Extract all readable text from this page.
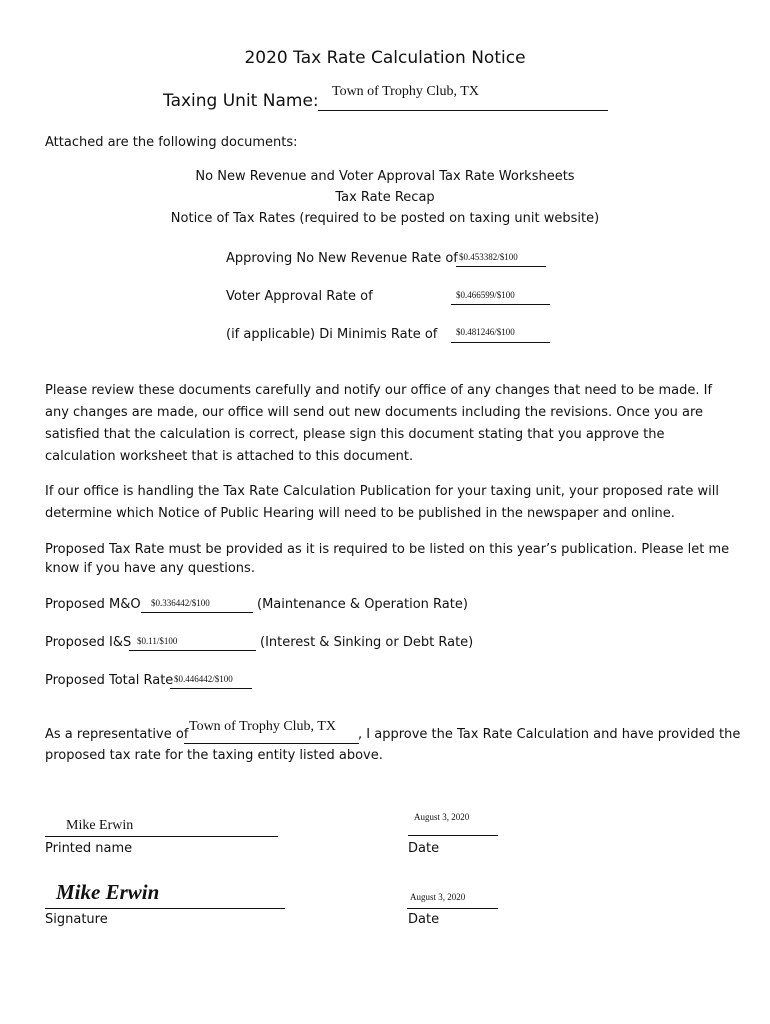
2020 Tax Rate Calculation Notice
Taxing Unit Name: Town of Trophy Club, TX
Attached are the following documents:
No New Revenue and Voter Approval Tax Rate Worksheets
Tax Rate Recap
Notice of Tax Rates (required to be posted on taxing unit website)
Approving No New Revenue Rate of $0.453382/$100
Voter Approval Rate of	$0.466599/$100
(if applicable) Di Minimis Rate of $0.481246/$100
Please review these documents carefully and notify our office of any changes that need to be made. If any changes are made, our office will send out new documents including the revisions. Once you are satisfied that the calculation is correct, please sign this document stating that you approve the calculation worksheet that is attached to this document.
If our office is handling the Tax Rate Calculation Publication for your taxing unit, your proposed rate will determine which Notice of Public Hearing will need to be published in the newspaper and online.
Proposed Tax Rate must be provided as it is required to be listed on this year’s publication. Please let me know if you have any questions.
Proposed M&O $0.336442/$100	(Maintenance & Operation Rate)
Proposed I&S $0.11/$100	(Interest & Sinking or Debt Rate)
Proposed Total Rate $0.446442/$100
As a representative of
Town of Trophy Club, TX
, I approve the Tax Rate Calculation and have provided the
proposed tax rate for the taxing entity listed above.
Mike Erwin
Printed name
August 3, 2020
Date
Mike Erwin
Signature
August 3, 2020
Date
